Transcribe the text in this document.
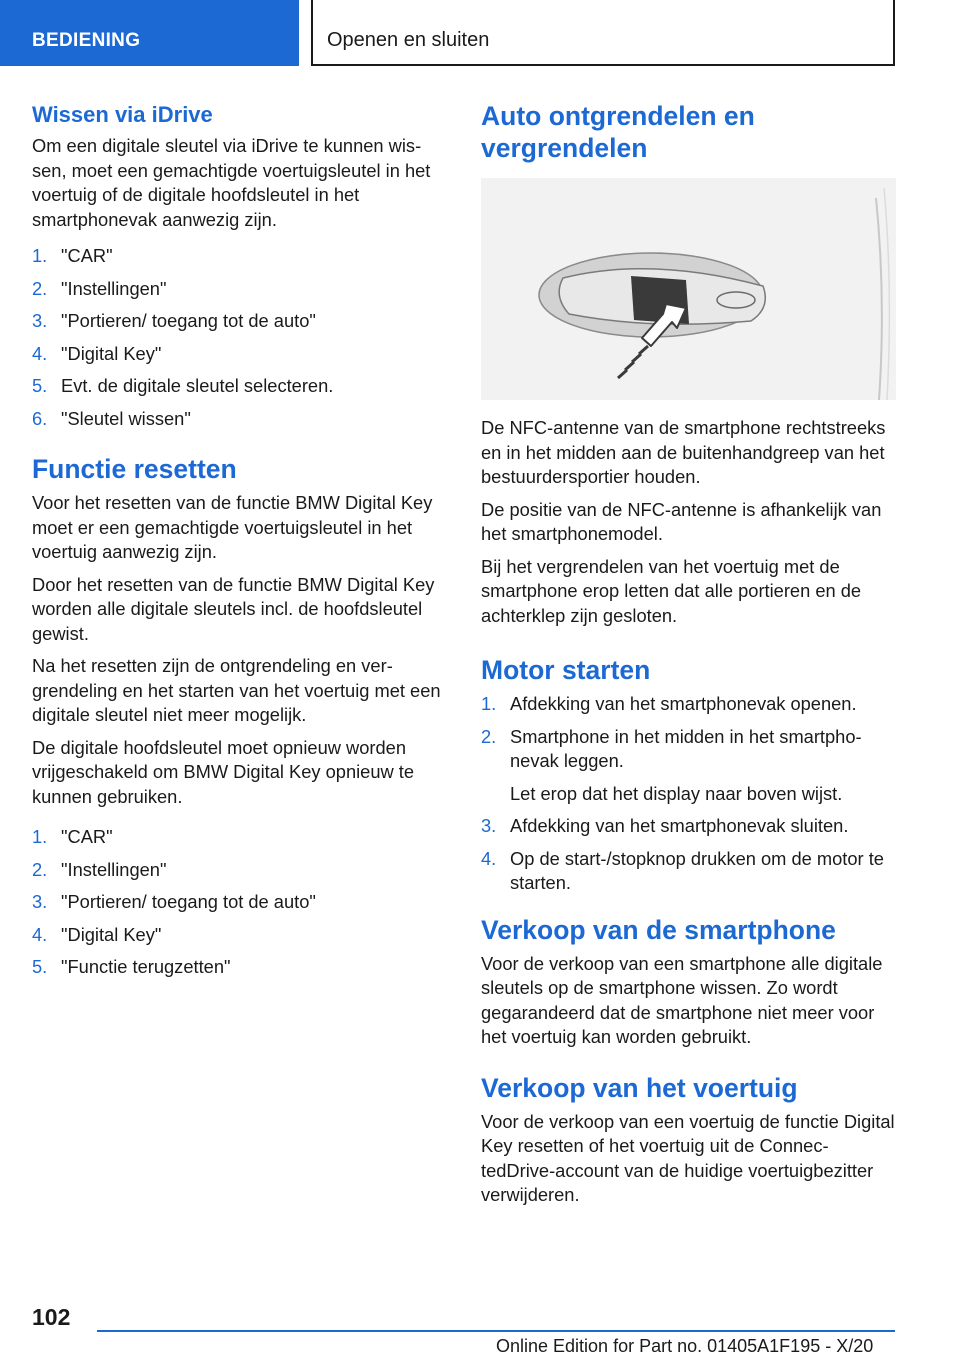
BEDIENING	Openen en sluiten
Wissen via iDrive

Om een digitale sleutel via iDrive te kunnen wissen, moet een gemachtigde voertuigsleutel in het voertuig of de digitale hoofdsleutel in het smartphonevak aanwezig zijn.

1. "CAR"
2. "Instellingen"
3. "Portieren/ toegang tot de auto"
4. "Digital Key"
5. Evt. de digitale sleutel selecteren.
6. "Sleutel wissen"
Functie resetten

Voor het resetten van de functie BMW Digital Key moet er een gemachtigde voertuigsleutel in het voertuig aanwezig zijn.

Door het resetten van de functie BMW Digital Key worden alle digitale sleutels incl. de hoofdsleutel gewist.

Na het resetten zijn de ontgrendeling en vergrendeling en het starten van het voertuig met een digitale sleutel niet meer mogelijk.

De digitale hoofdsleutel moet opnieuw worden vrijgeschakeld om BMW Digital Key opnieuw te kunnen gebruiken.

1. "CAR"
2. "Instellingen"
3. "Portieren/ toegang tot de auto"
4. "Digital Key"
5. "Functie terugzetten"
Auto ontgrendelen en vergrendelen

De NFC-antenne van de smartphone rechtstreeks en in het midden aan de buitenhandgreep van het bestuurdersportier houden.

De positie van de NFC-antenne is afhankelijk van het smartphonemodel.

Bij het vergrendelen van het voertuig met de smartphone erop letten dat alle portieren en de achterklep zijn gesloten.

Motor starten
1. Afdekking van het smartphonevak openen.
2. Smartphone in het midden in het smartphonevak leggen.
Let erop dat het display naar boven wijst.
3. Afdekking van het smartphonevak sluiten.
4. Op de start-/stopknop drukken om de motor te starten.
Verkoop van de smartphone

Voor de verkoop van een smartphone alle digitale sleutels op de smartphone wissen. Zo wordt gegarandeerd dat de smartphone niet meer voor het voertuig kan worden gebruikt.

Verkoop van het voertuig

Voor de verkoop van een voertuig de functie Digital Key resetten of het voertuig uit de ConnectedDrive-account van de huidige voertuigbezitter verwijderen.

102
Online Edition for Part no. 01405A1F195 - X/20
